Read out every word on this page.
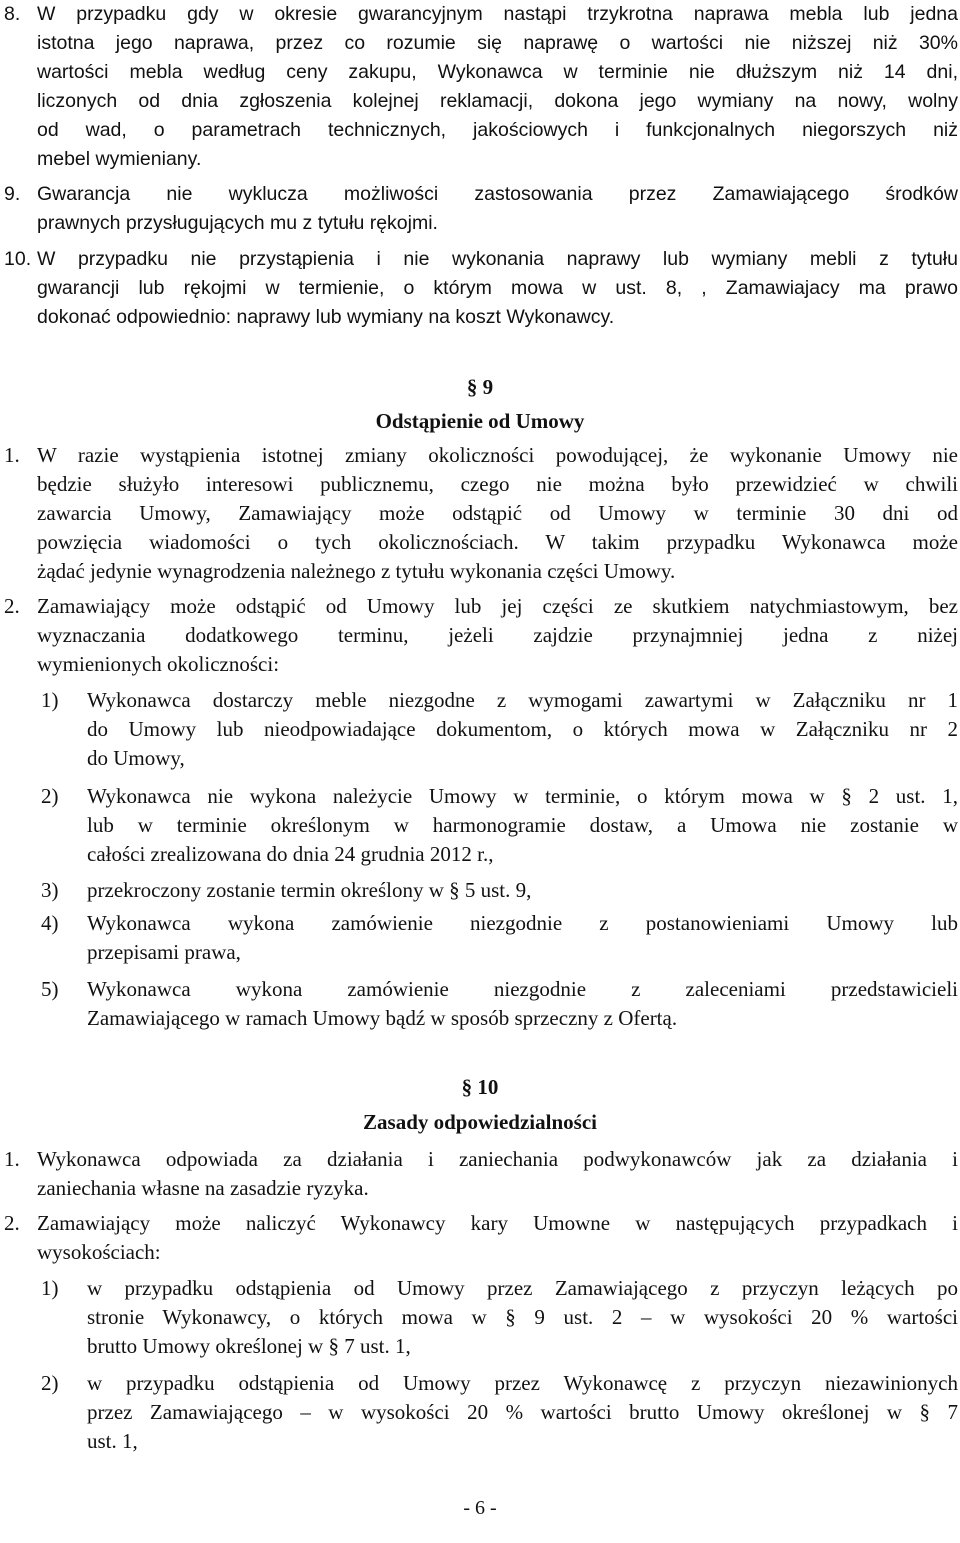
8. W przypadku gdy w okresie gwarancyjnym nastąpi trzykrotna naprawa mebla lub jedna
istotna jego naprawa, przez co rozumie się naprawę o wartości nie niższej niż 30%
wartości mebla według ceny zakupu, Wykonawca w terminie nie dłuższym niż 14 dni,
liczonych od dnia zgłoszenia kolejnej reklamacji, dokona jego wymiany na nowy, wolny
od wad, o parametrach technicznych, jakościowych i funkcjonalnych niegorszych niż
mebel wymieniany.
9. Gwarancja nie wyklucza możliwości zastosowania przez Zamawiającego środków
prawnych przysługujących mu z tytułu rękojmi.
10. W przypadku nie przystąpienia i nie wykonania naprawy lub wymiany mebli z tytułu
gwarancji lub rękojmi w termienie, o którym mowa w ust. 8, , Zamawiajacy ma prawo
dokonać odpowiednio: naprawy lub wymiany na koszt Wykonawcy.
§ 9
Odstąpienie od Umowy
1. W razie wystąpienia istotnej zmiany okoliczności powodującej, że wykonanie Umowy nie
będzie służyło interesowi publicznemu, czego nie można było przewidzieć w chwili
zawarcia Umowy, Zamawiający może odstąpić od Umowy w terminie 30 dni od
powzięcia wiadomości o tych okolicznościach. W takim przypadku Wykonawca może
żądać jedynie wynagrodzenia należnego z tytułu wykonania części Umowy.
2. Zamawiający może odstąpić od Umowy lub jej części ze skutkiem natychmiastowym, bez
wyznaczania dodatkowego terminu, jeżeli zajdzie przynajmniej jedna z niżej
wymienionych okoliczności:
1) Wykonawca dostarczy meble niezgodne z wymogami zawartymi w Załączniku nr 1
do Umowy lub nieodpowiadające dokumentom, o których mowa w Załączniku nr 2
do Umowy,
2) Wykonawca nie wykona należycie Umowy w terminie, o którym mowa w § 2 ust. 1,
lub w terminie określonym w harmonogramie dostaw, a Umowa nie zostanie w
całości zrealizowana do dnia 24 grudnia 2012 r.,
3) przekroczony zostanie termin określony w § 5 ust. 9,
4) Wykonawca wykona zamówienie niezgodnie z postanowieniami Umowy lub
przepisami prawa,
5) Wykonawca wykona zamówienie niezgodnie z zaleceniami przedstawicieli
Zamawiającego w ramach Umowy bądź w sposób sprzeczny z Ofertą.
§ 10
Zasady odpowiedzialności
1. Wykonawca odpowiada za działania i zaniechania podwykonawców jak za działania i
zaniechania własne na zasadzie ryzyka.
2. Zamawiający może naliczyć Wykonawcy kary Umowne w następujących przypadkach i
wysokościach:
1) w przypadku odstąpienia od Umowy przez Zamawiającego z przyczyn leżących po
stronie Wykonawcy, o których mowa w § 9 ust. 2 – w wysokości 20 % wartości
brutto Umowy określonej w § 7 ust. 1,
2) w przypadku odstąpienia od Umowy przez Wykonawcę z przyczyn niezawinionych
przez Zamawiającego – w wysokości 20 % wartości brutto Umowy określonej w § 7
ust. 1,
- 6 -
